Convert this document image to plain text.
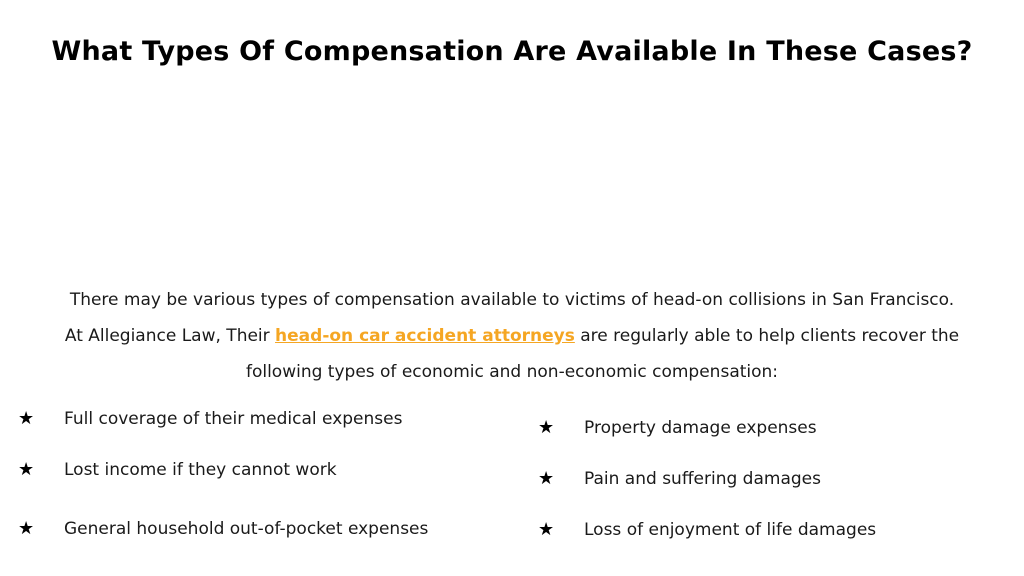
What Types Of Compensation Are Available In These Cases?
There may be various types of compensation available to victims of head-on collisions in San Francisco.
At Allegiance Law, Their head-on car accident attorneys are regularly able to help clients recover the
following types of economic and non-economic compensation:
★	Full coverage of their medical expenses
★	Lost income if they cannot work
★	General household out-of-pocket expenses
★	Property damage expenses
★	Pain and suffering damages
★	Loss of enjoyment of life damages
